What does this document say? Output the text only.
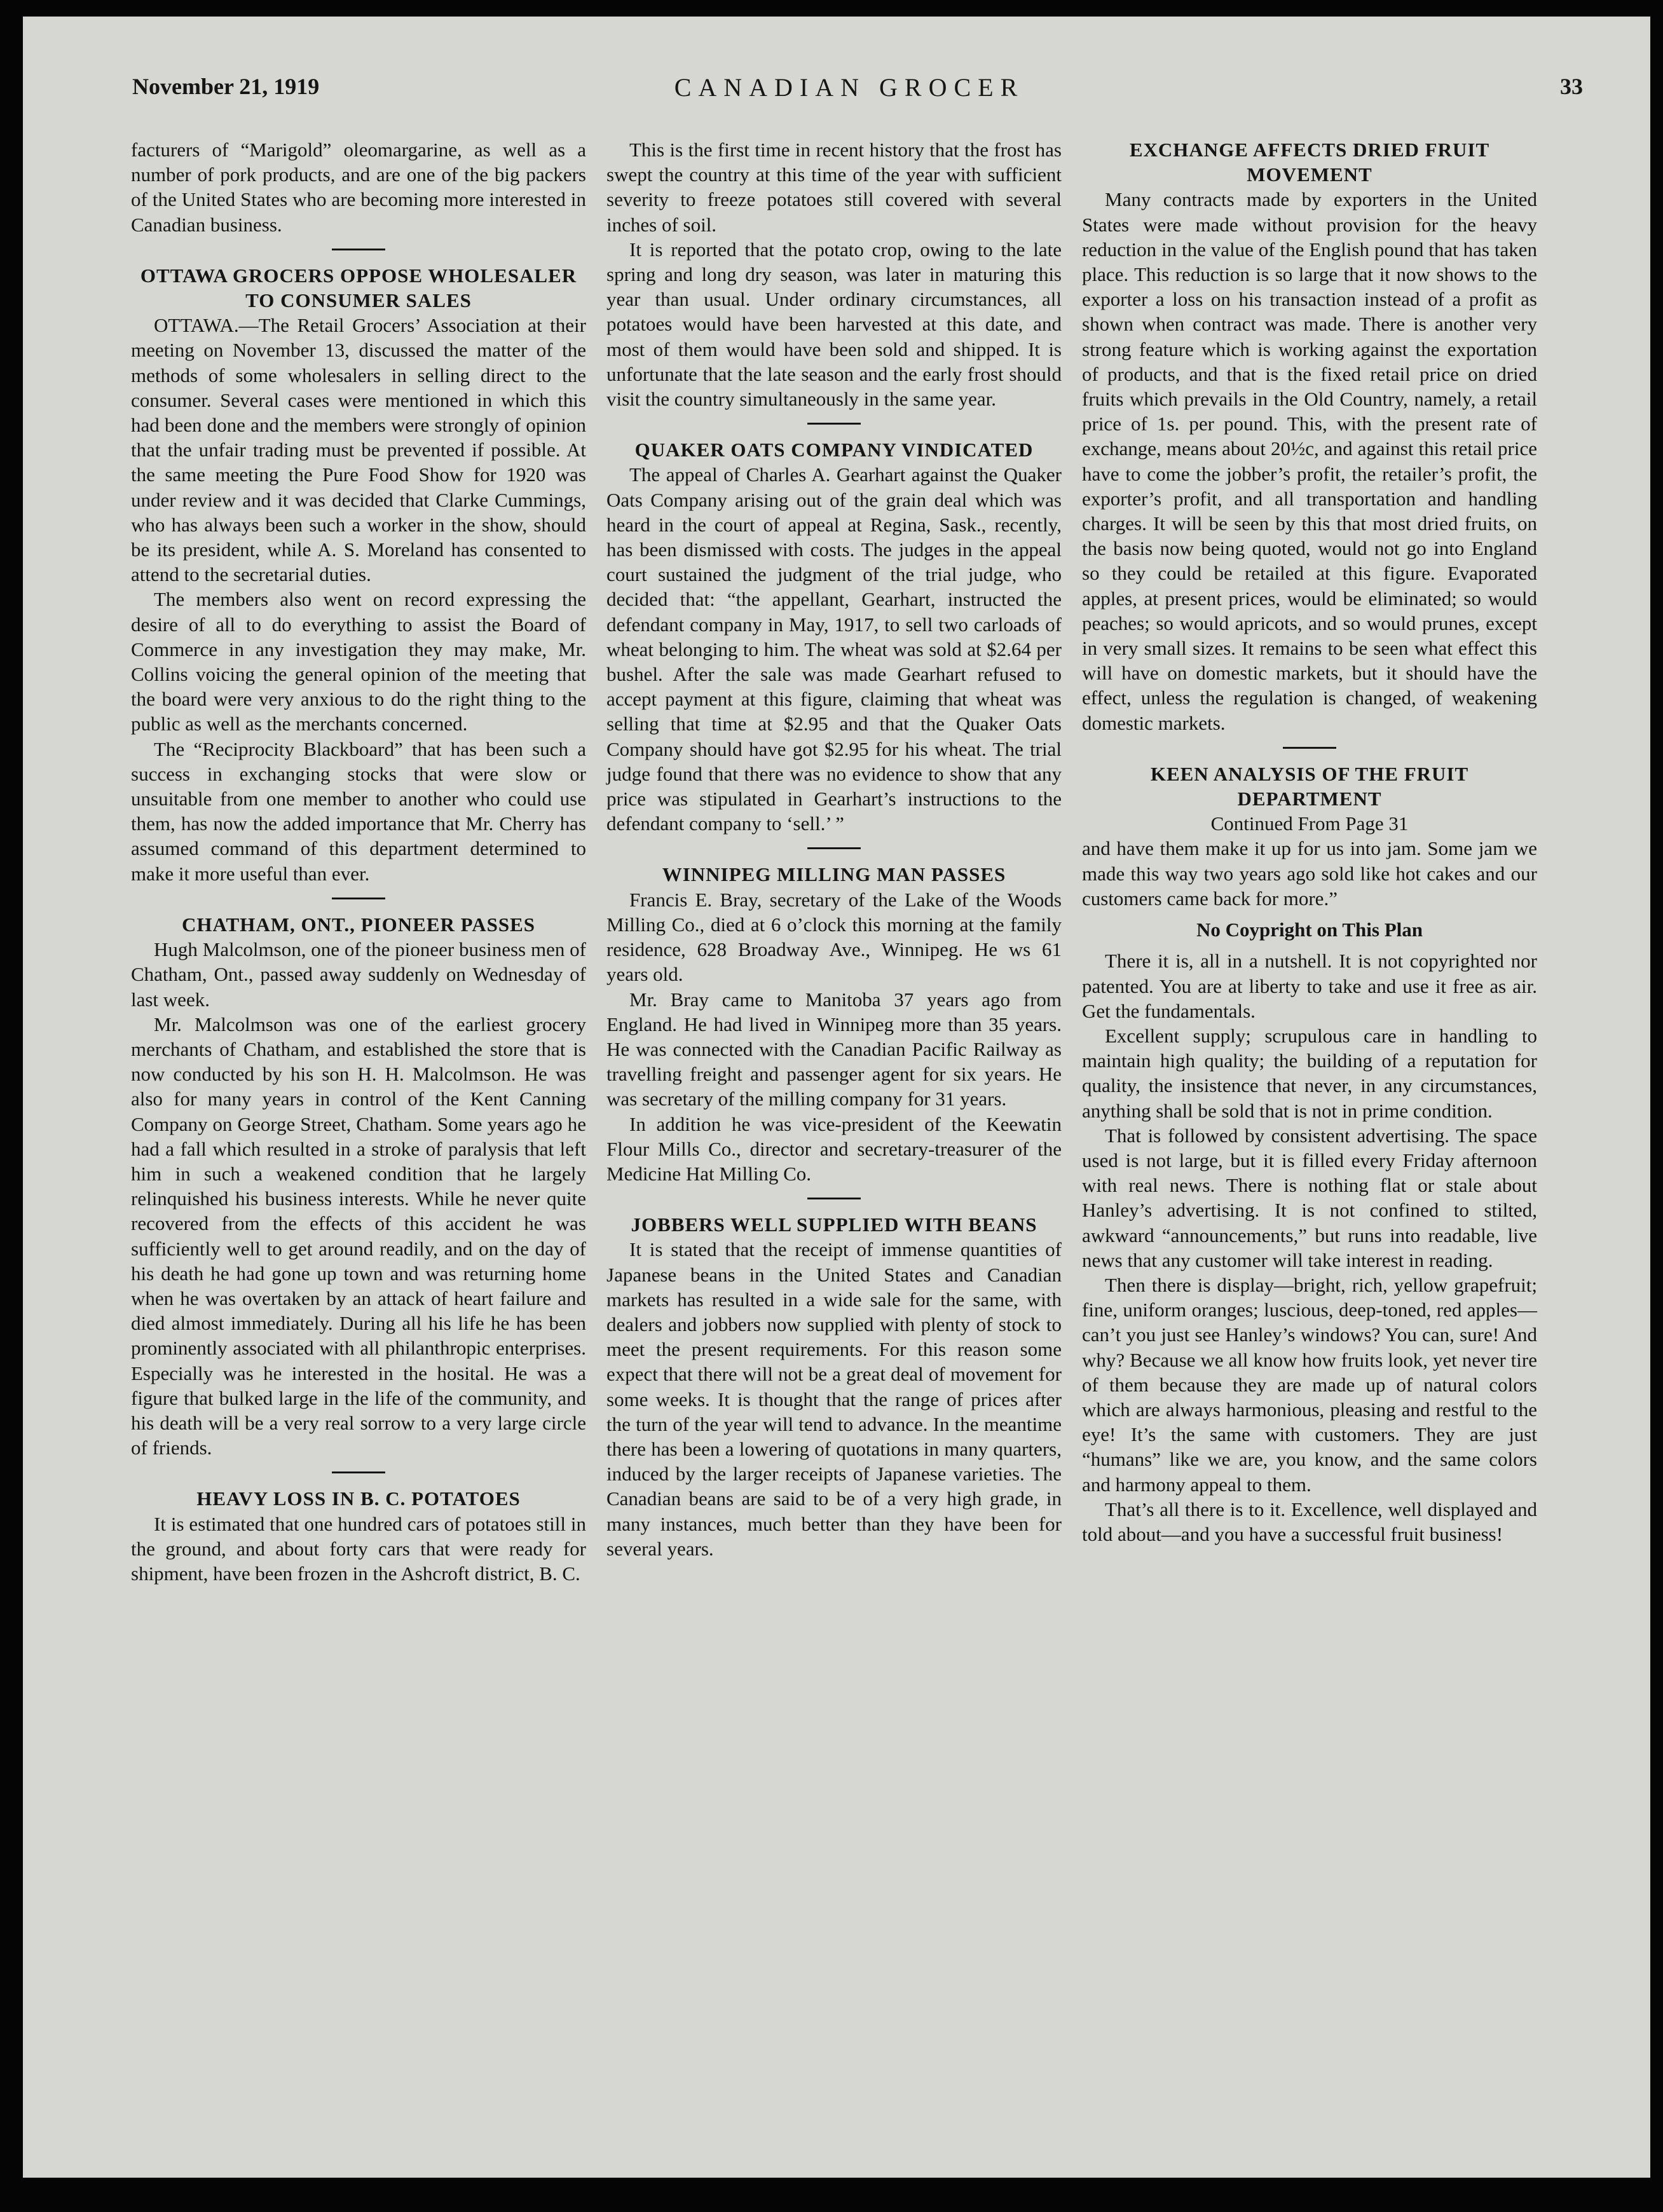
November 21, 1919	CANADIAN GROCER	33

facturers of “Marigold” oleomargarine, as well as a number of pork products, and are one of the big packers of the United States who are becoming more interested in Canadian business.

OTTAWA GROCERS OPPOSE WHOLESALER TO CONSUMER SALES

OTTAWA.—The Retail Grocers’ Association at their meeting on November 13, discussed the matter of the methods of some wholesalers in selling direct to the consumer. Several cases were mentioned in which this had been done and the members were strongly of opinion that the unfair trading must be prevented if possible. At the same meeting the Pure Food Show for 1920 was under review and it was decided that Clarke Cummings, who has always been such a worker in the show, should be its president, while A. S. Moreland has consented to attend to the secretarial duties.

The members also went on record expressing the desire of all to do everything to assist the Board of Commerce in any investigation they may make, Mr. Collins voicing the general opinion of the meeting that the board were very anxious to do the right thing to the public as well as the merchants concerned.

The “Reciprocity Blackboard” that has been such a success in exchanging stocks that were slow or unsuitable from one member to another who could use them, has now the added importance that Mr. Cherry has assumed command of this department determined to make it more useful than ever.

CHATHAM, ONT., PIONEER PASSES

Hugh Malcolmson, one of the pioneer business men of Chatham, Ont., passed away suddenly on Wednesday of last week.

Mr. Malcolmson was one of the earliest grocery merchants of Chatham, and established the store that is now conducted by his son H. H. Malcolmson. He was also for many years in control of the Kent Canning Company on George Street, Chatham. Some years ago he had a fall which resulted in a stroke of paralysis that left him in such a weakened condition that he largely relinquished his business interests. While he never quite recovered from the effects of this accident he was sufficiently well to get around readily, and on the day of his death he had gone up town and was returning home when he was overtaken by an attack of heart failure and died almost immediately. During all his life he has been prominently associated with all philanthropic enterprises. Especially was he interested in the hosital. He was a figure that bulked large in the life of the community, and his death will be a very real sorrow to a very large circle of friends.

HEAVY LOSS IN B. C. POTATOES

It is estimated that one hundred cars of potatoes still in the ground, and about forty cars that were ready for shipment, have been frozen in the Ashcroft district, B. C.

This is the first time in recent history that the frost has swept the country at this time of the year with sufficient severity to freeze potatoes still covered with several inches of soil.

It is reported that the potato crop, owing to the late spring and long dry season, was later in maturing this year than usual. Under ordinary circumstances, all potatoes would have been harvested at this date, and most of them would have been sold and shipped. It is unfortunate that the late season and the early frost should visit the country simultaneously in the same year.

QUAKER OATS COMPANY VINDICATED

The appeal of Charles A. Gearhart against the Quaker Oats Company arising out of the grain deal which was heard in the court of appeal at Regina, Sask., recently, has been dismissed with costs. The judges in the appeal court sustained the judgment of the trial judge, who decided that: “the appellant, Gearhart, instructed the defendant company in May, 1917, to sell two carloads of wheat belonging to him. The wheat was sold at $2.64 per bushel. After the sale was made Gearhart refused to accept payment at this figure, claiming that wheat was selling that time at $2.95 and that the Quaker Oats Company should have got $2.95 for his wheat. The trial judge found that there was no evidence to show that any price was stipulated in Gearhart’s instructions to the defendant company to ‘sell.’ ”

WINNIPEG MILLING MAN PASSES

Francis E. Bray, secretary of the Lake of the Woods Milling Co., died at 6 o’clock this morning at the family residence, 628 Broadway Ave., Winnipeg. He ws 61 years old.

Mr. Bray came to Manitoba 37 years ago from England. He had lived in Winnipeg more than 35 years. He was connected with the Canadian Pacific Railway as travelling freight and passenger agent for six years. He was secretary of the milling company for 31 years.

In addition he was vice-president of the Keewatin Flour Mills Co., director and secretary-treasurer of the Medicine Hat Milling Co.

JOBBERS WELL SUPPLIED WITH BEANS

It is stated that the receipt of immense quantities of Japanese beans in the United States and Canadian markets has resulted in a wide sale for the same, with dealers and jobbers now supplied with plenty of stock to meet the present requirements. For this reason some expect that there will not be a great deal of movement for some weeks. It is thought that the range of prices after the turn of the year will tend to advance. In the meantime there has been a lowering of quotations in many quarters, induced by the larger receipts of Japanese varieties. The Canadian beans are said to be of a very high grade, in many instances, much better than they have been for several years.

EXCHANGE AFFECTS DRIED FRUIT MOVEMENT

Many contracts made by exporters in the United States were made without provision for the heavy reduction in the value of the English pound that has taken place. This reduction is so large that it now shows to the exporter a loss on his transaction instead of a profit as shown when contract was made. There is another very strong feature which is working against the exportation of products, and that is the fixed retail price on dried fruits which prevails in the Old Country, namely, a retail price of 1s. per pound. This, with the present rate of exchange, means about 20½c, and against this retail price have to come the jobber’s profit, the retailer’s profit, the exporter’s profit, and all transportation and handling charges. It will be seen by this that most dried fruits, on the basis now being quoted, would not go into England so they could be retailed at this figure. Evaporated apples, at present prices, would be eliminated; so would peaches; so would apricots, and so would prunes, except in very small sizes. It remains to be seen what effect this will have on domestic markets, but it should have the effect, unless the regulation is changed, of weakening domestic markets.

KEEN ANALYSIS OF THE FRUIT DEPARTMENT

Continued From Page 31

and have them make it up for us into jam. Some jam we made this way two years ago sold like hot cakes and our customers came back for more.”

No Coypright on This Plan

There it is, all in a nutshell. It is not copyrighted nor patented. You are at liberty to take and use it free as air. Get the fundamentals.

Excellent supply; scrupulous care in handling to maintain high quality; the building of a reputation for quality, the insistence that never, in any circumstances, anything shall be sold that is not in prime condition.

That is followed by consistent advertising. The space used is not large, but it is filled every Friday afternoon with real news. There is nothing flat or stale about Hanley’s advertising. It is not confined to stilted, awkward “announcements,” but runs into readable, live news that any customer will take interest in reading.

Then there is display—bright, rich, yellow grapefruit; fine, uniform oranges; luscious, deep-toned, red apples—can’t you just see Hanley’s windows? You can, sure! And why? Because we all know how fruits look, yet never tire of them because they are made up of natural colors which are always harmonious, pleasing and restful to the eye! It’s the same with customers. They are just “humans” like we are, you know, and the same colors and harmony appeal to them.

That’s all there is to it. Excellence, well displayed and told about—and you have a successful fruit business!
